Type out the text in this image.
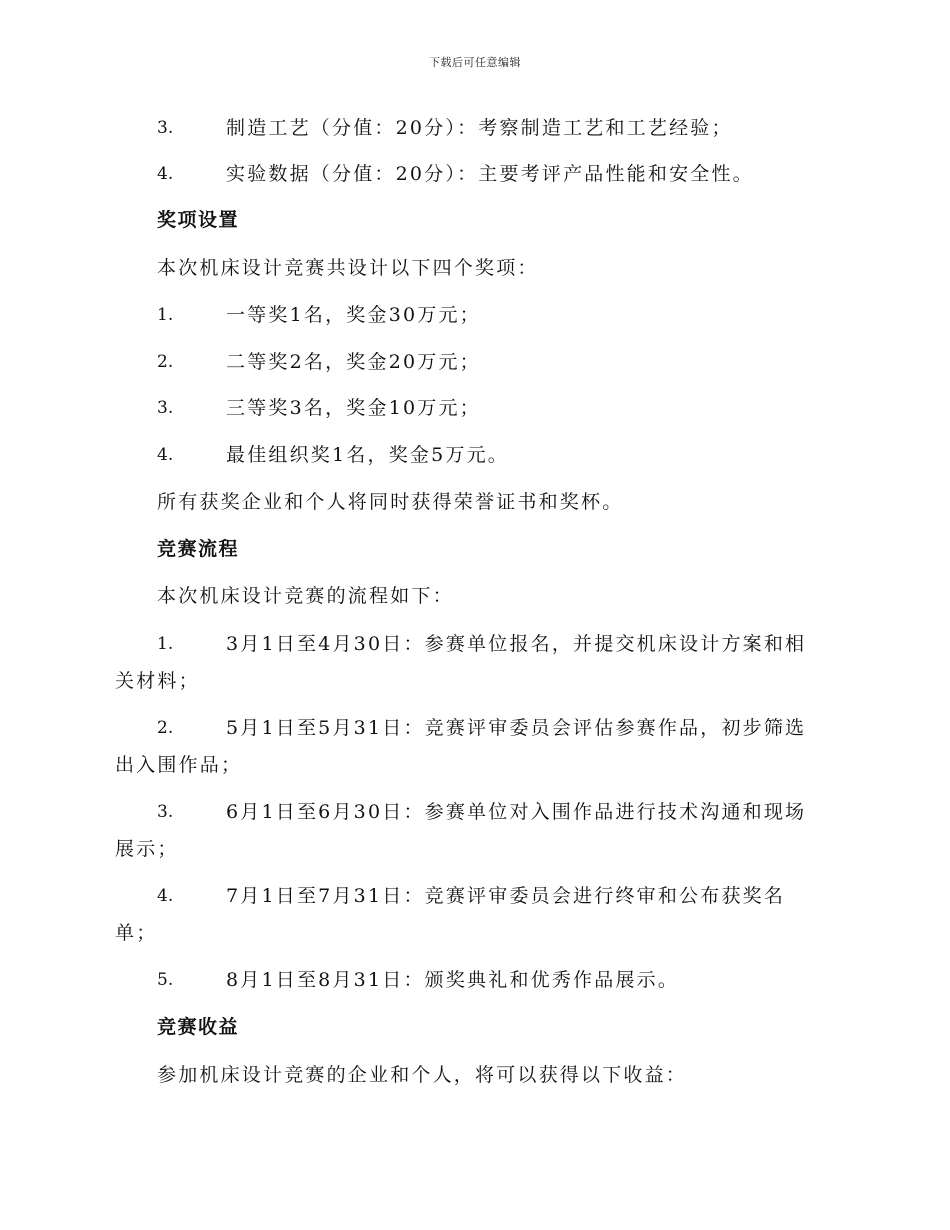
下载后可任意编辑
3.	制造工艺（分值：20分）：考察制造工艺和工艺经验；
4.	实验数据（分值：20分）：主要考评产品性能和安全性。
奖项设置
本次机床设计竞赛共设计以下四个奖项：
1.	一等奖1名，奖金30万元；
2.	二等奖2名，奖金20万元；
3.	三等奖3名，奖金10万元；
4.	最佳组织奖1名，奖金5万元。
所有获奖企业和个人将同时获得荣誉证书和奖杯。
竞赛流程
本次机床设计竞赛的流程如下：
1.	3月1日至4月30日：参赛单位报名，并提交机床设计方案和相
关材料；
2.	5月1日至5月31日：竞赛评审委员会评估参赛作品，初步筛选
出入围作品；
3.	6月1日至6月30日：参赛单位对入围作品进行技术沟通和现场
展示；
4.	7月1日至7月31日：竞赛评审委员会进行终审和公布获奖名
单；
5.	8月1日至8月31日：颁奖典礼和优秀作品展示。
竞赛收益
参加机床设计竞赛的企业和个人，将可以获得以下收益：
